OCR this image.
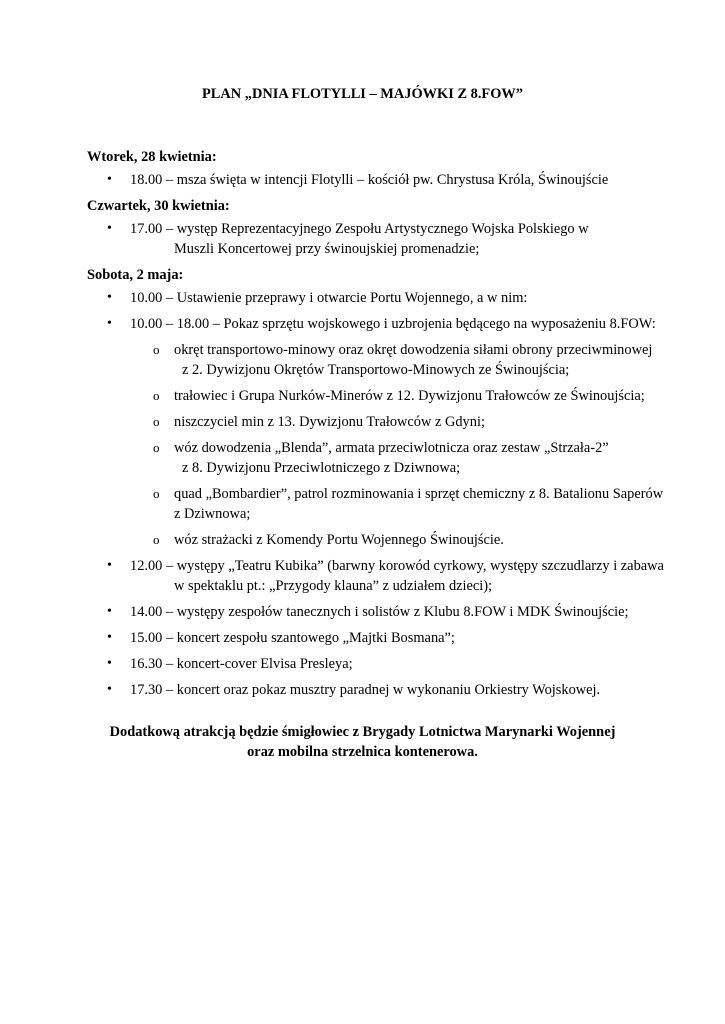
PLAN „DNIA FLOTYLLI – MAJÓWKI Z 8.FOW”

Wtorek, 28 kwietnia:

• 18.00 – msza święta w intencji Flotylli – kościół pw. Chrystusa Króla, Świnoujście

Czwartek, 30 kwietnia:

• 17.00 – występ Reprezentacyjnego Zespołu Artystycznego Wojska Polskiego w
Muszli Koncertowej przy świnoujskiej promenadzie;

Sobota, 2 maja:

• 10.00 – Ustawienie przeprawy i otwarcie Portu Wojennego, a w nim:
• 10.00 – 18.00 – Pokaz sprzętu wojskowego i uzbrojenia będącego na wyposażeniu 8.FOW:
o okręt transportowo-minowy oraz okręt dowodzenia siłami obrony przeciwminowej
z 2. Dywizjonu Okrętów Transportowo-Minowych ze Świnoujścia;
o trałowiec i Grupa Nurków-Minerów z 12. Dywizjonu Trałowców ze Świnoujścia;
o niszczyciel min z 13. Dywizjonu Trałowców z Gdyni;
o wóz dowodzenia „Blenda”, armata przeciwlotnicza oraz zestaw „Strzała-2”
z 8. Dywizjonu Przeciwlotniczego z Dziwnowa;
o quad „Bombardier”, patrol rozminowania i sprzęt chemiczny z 8. Batalionu Saperów
z Dziwnowa;
o wóz strażacki z Komendy Portu Wojennego Świnoujście.
• 12.00 – występy „Teatru Kubika” (barwny korowód cyrkowy, występy szczudlarzy i zabawa
w spektaklu pt.: „Przygody klauna” z udziałem dzieci);
• 14.00 – występy zespołów tanecznych i solistów z Klubu 8.FOW i MDK Świnoujście;
• 15.00 – koncert zespołu szantowego „Majtki Bosmana”;
• 16.30 – koncert-cover Elvisa Presleya;
• 17.30 – koncert oraz pokaz musztry paradnej w wykonaniu Orkiestry Wojskowej.
Dodatkową atrakcją będzie śmigłowiec z Brygady Lotnictwa Marynarki Wojennej
oraz mobilna strzelnica kontenerowa.
